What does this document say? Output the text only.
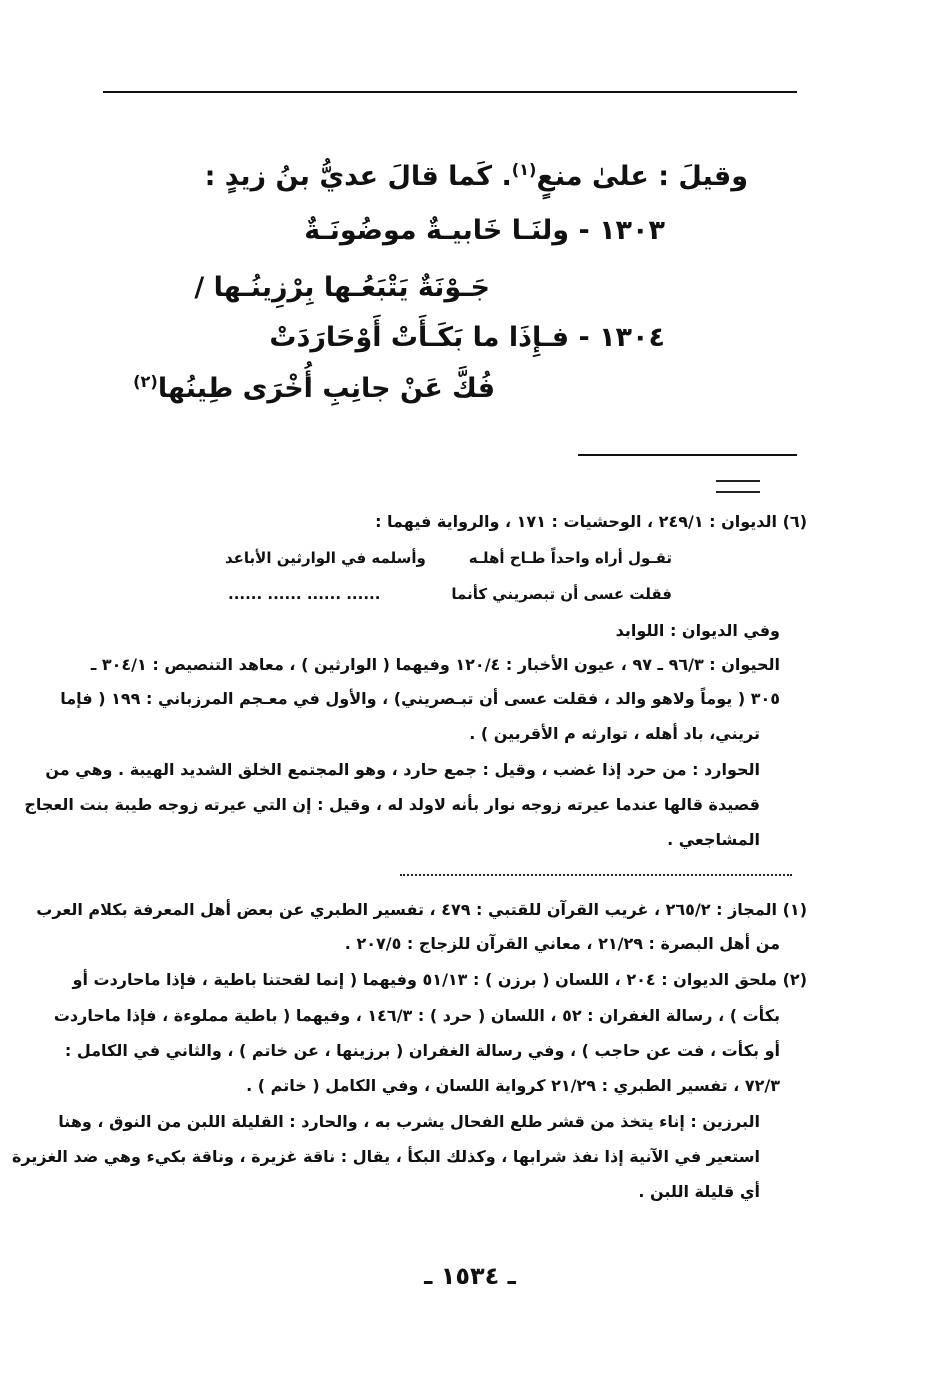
وقيلَ : علىٰ منعٍ$^{(١)}$. كَما قالَ عديُّ بنُ زيدٍ :
١٣٠٣ - ولنَـا خَابيـةٌ موضُونَـةٌ
جَـوْنَةٌ يَتْبَعُـها بِرْزِينُـها /
١٣٠٤ - فـإِذَا ما بَكَـأَتْ أَوْحَارَدَتْ
فُكَّ عَنْ جانِبِ أُخْرَى طِينُها$^{(٢)}$
(٦) الديوان : ٢٤٩/١ ، الوحشيات : ١٧١ ، والرواية فيهما :
تقـول أراه واحداً طـاح أهلـه
وأسلمه في الوارثين الأباعد
فقلت عسى أن تبصريني كأنما
...... ...... ...... ......
وفي الديوان : اللوابد
الحيوان : ٩٦/٣ ـ ٩٧ ، عيون الأخبار : ١٢٠/٤ وفيهما ( الوارثين ) ، معاهد التنصيص : ٣٠٤/١ ـ
٣٠٥ ( يوماً ولاهو والد ، فقلت عسى أن تبـصريني) ، والأول في معـجم المرزباني : ١٩٩ ( فإما
تريني، باد أهله ، توارثه م الأقربين ) .
الحوارد : من حرد إذا غضب ، وقيل : جمع حارد ، وهو المجتمع الخلق الشديد الهيبة . وهي من
قصيدة قالها عندما عيرته زوجه نوار بأنه لاولد له ، وقيل : إن التي عيرته زوجه طيبة بنت العجاج
المشاجعي .
(١) المجاز : ٢٦٥/٢ ، غريب القرآن للقتبي : ٤٧٩ ، تفسير الطبري عن بعض أهل المعرفة بكلام العرب
من أهل البصرة : ٢١/٢٩ ، معاني القرآن للزجاج : ٢٠٧/٥ .
(٢) ملحق الديوان : ٢٠٤ ، اللسان ( برزن ) : ٥١/١٣ وفيهما ( إنما لقحتنا باطية ، فإذا ماحاردت أو
بكأت ) ، رسالة الغفران : ٥٢ ، اللسان ( حرد ) : ١٤٦/٣ ، وفيهما ( باطية مملوءة ، فإذا ماحاردت
أو بكأت ، فت عن حاجب ) ، وفي رسالة الغفران ( برزينها ، عن خاتم ) ، والثاني في الكامل :
٧٢/٣ ، تفسير الطبري : ٢١/٢٩ كرواية اللسان ، وفي الكامل ( خاتم ) .
البرزين : إناء يتخذ من قشر طلع الفحال يشرب به ، والحارد : القليلة اللبن من النوق ، وهنا
استعير في الآنية إذا نفذ شرابها ، وكذلك البكأ ، يقال : ناقة غزيرة ، وناقة بكيء وهي ضد الغزيرة
أي قليلة اللبن .
ـ ١٥٣٤ ـ
